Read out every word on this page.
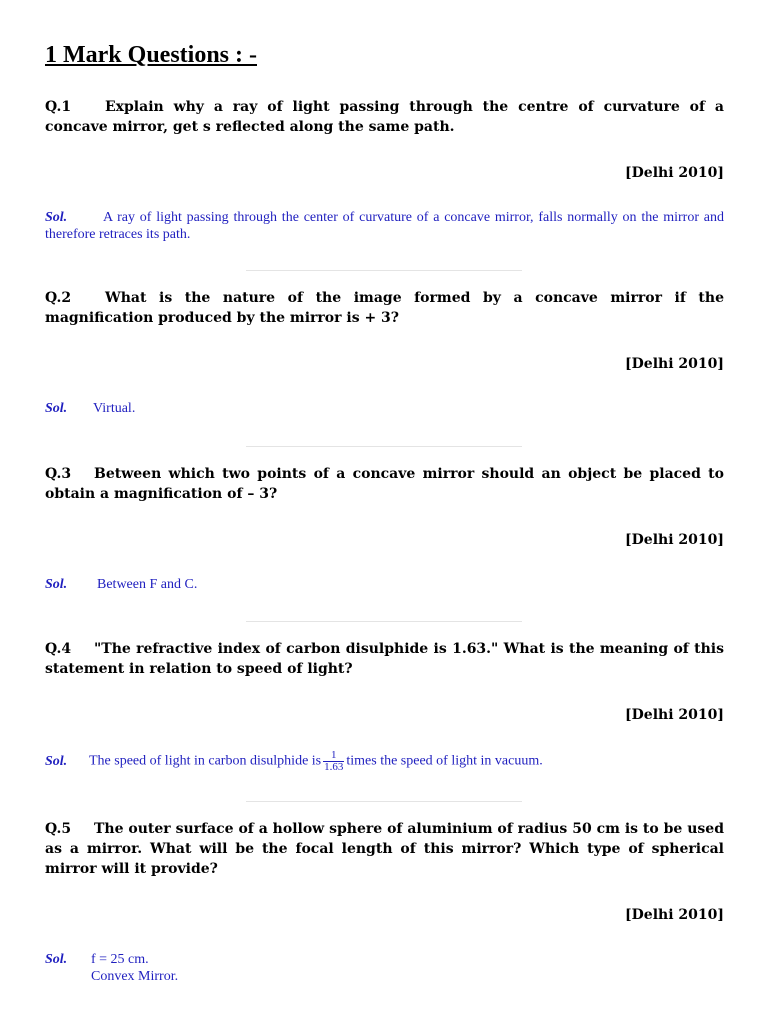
1 Mark Questions : -

Q.1 Explain why a ray of light passing through the centre of curvature of a concave mirror, get s reflected along the same path.

[Delhi 2010]

Sol.	A ray of light passing through the center of curvature of a concave mirror, falls normally on the mirror and therefore retraces its path.

Q.2 What is the nature of the image formed by a concave mirror if the magnification produced by the mirror is + 3?

[Delhi 2010]

Sol. Virtual.

Q.3 Between which two points of a concave mirror should an object be placed to obtain a magnification of – 3?

[Delhi 2010]

Sol. Between F and C.

Q.4 "The refractive index of carbon disulphide is 1.63." What is the meaning of this statement in relation to speed of light?

[Delhi 2010]

Sol. The speed of light in carbon disulphide is $\frac{1}{1.63}$ times the speed of light in vacuum.

Q.5 The outer surface of a hollow sphere of aluminium of radius 50 cm is to be used as a mirror. What will be the focal length of this mirror? Which type of spherical mirror will it provide?

[Delhi 2010]

Sol. f = 25 cm.
Convex Mirror.
